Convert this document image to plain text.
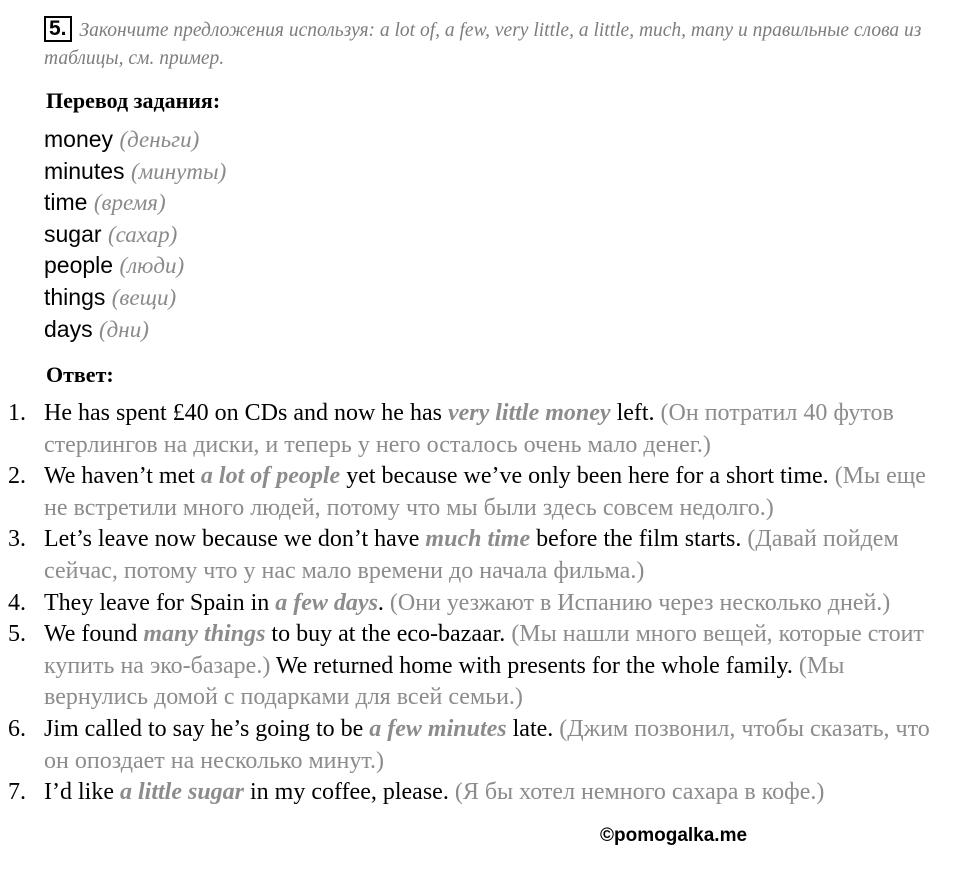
5. Закончите предложения используя: a lot of, a few, very little, a little, much, many и правильные слова из таблицы, см. пример.
Перевод задания:
money (деньги)
minutes (минуты)
time (время)
sugar (сахар)
people (люди)
things (вещи)
days (дни)
Ответ:
1. He has spent £40 on CDs and now he has very little money left. (Он потратил 40 футов стерлингов на диски, и теперь у него осталось очень мало денег.)
2. We haven’t met a lot of people yet because we’ve only been here for a short time. (Мы еще не встретили много людей, потому что мы были здесь совсем недолго.)
3. Let’s leave now because we don’t have much time before the film starts. (Давай пойдем сейчас, потому что у нас мало времени до начала фильма.)
4. They leave for Spain in a few days. (Они уезжают в Испанию через несколько дней.)
5. We found many things to buy at the eco-bazaar. (Мы нашли много вещей, которые стоит купить на эко-базаре.) We returned home with presents for the whole family. (Мы вернулись домой с подарками для всей семьи.)
6. Jim called to say he’s going to be a few minutes late. (Джим позвонил, чтобы сказать, что он опоздает на несколько минут.)
7. I’d like a little sugar in my coffee, please. (Я бы хотел немного сахара в кофе.)
©pomogalka.me
